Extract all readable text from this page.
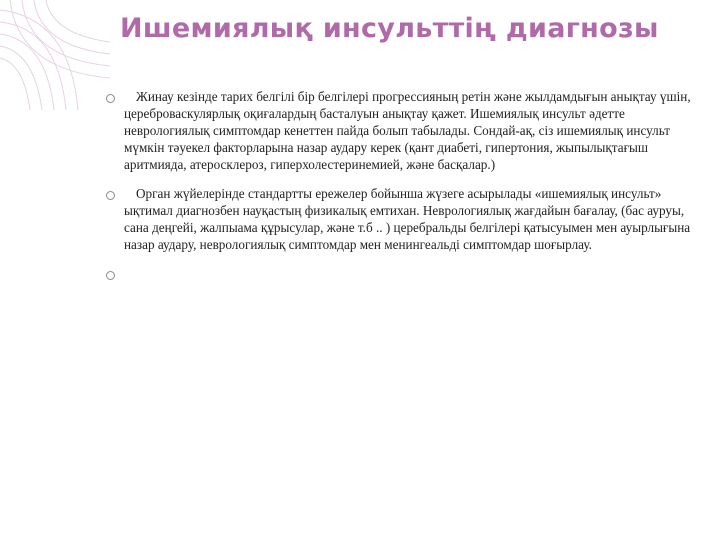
Ишемиялық инсульттің диагнозы
Жинау кезінде тарих белгілі бір белгілері прогрессияның ретін және жылдамдығын анықтау үшін, цереброваскулярлық оқиғалардың басталуын анықтау қажет. Ишемиялық инсульт әдетте неврологиялық симптомдар кенеттен пайда болып табылады. Сондай-ақ, сіз ишемиялық инсульт мүмкін тәуекел факторларына назар аудару керек (қант диабеті, гипертония, жыпылықтағыш аритмияда, атеросклероз, гиперхолестеринемией, және басқалар.)
Орган жүйелерінде стандартты ережелер бойынша жүзеге асырылады «ишемиялық инсульт» ықтимал диагнозбен науқастың физикалық емтихан. Неврологиялық жағдайын бағалау, (бас ауруы, сана деңгейі, жалпыама құрысулар, және т.б .. ) церебральды белгілері қатысуымен мен ауырлығына назар аудару, неврологиялық симптомдар мен менингеальді симптомдар шоғырлау.
